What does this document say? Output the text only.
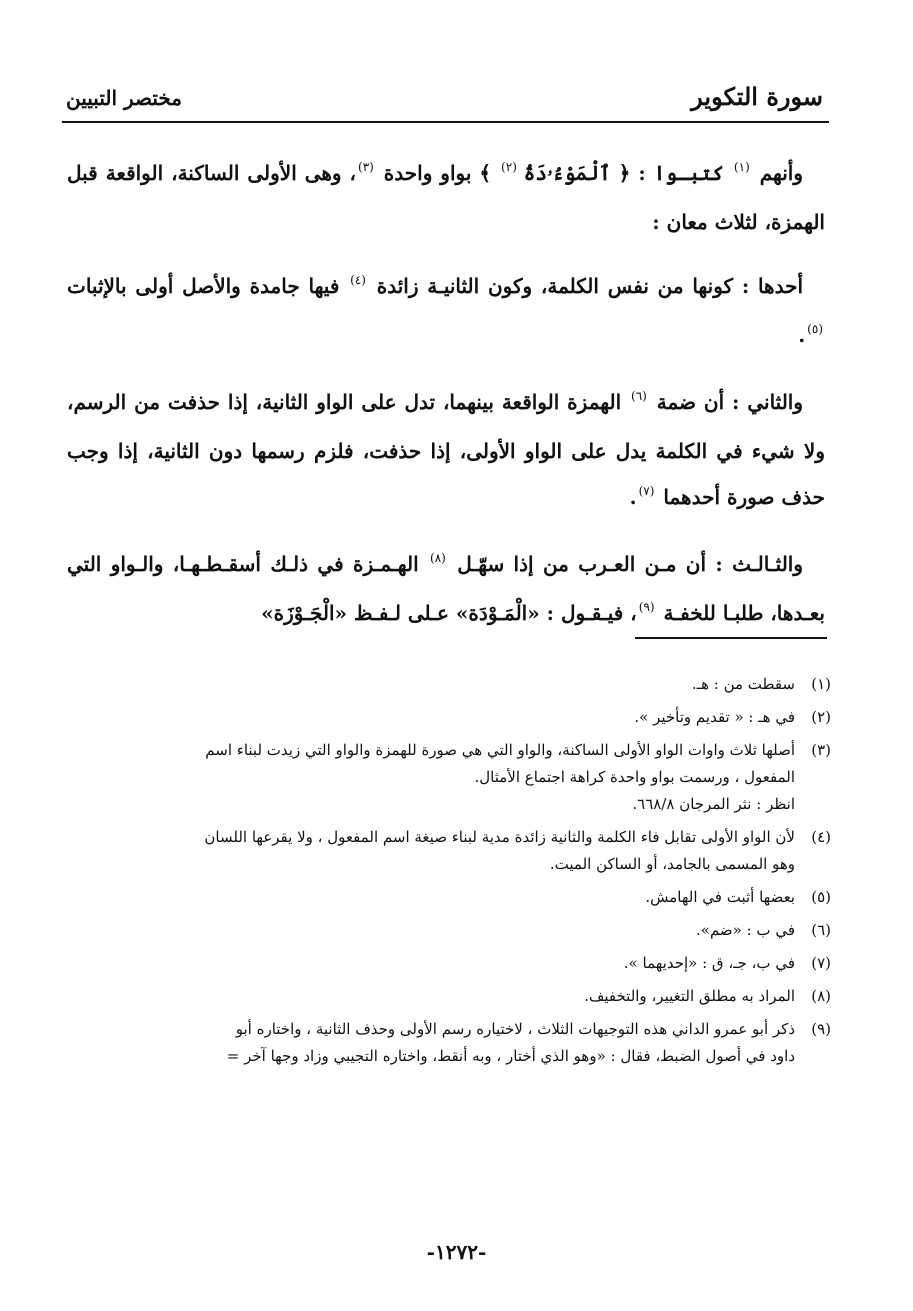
سورة التكوير
مختصر التبيين

وأنهم $^{(١)}$ كتبـوا : ﴿ ٱلْمَوْءُۥدَةُ $^{(٢)}$ ﴾ بواو واحدة $^{(٣)}$، وهى الأولى الساكنة، الواقعة قبل الهمزة، لثلاث معان :

أحدها : كونها من نفس الكلمة، وكون الثانيـة زائدة $^{(٤)}$ فيها جامدة والأصل أولى بالإثبات $^{(٥)}$.

والثاني : أن ضمة $^{(٦)}$ الهمزة الواقعة بينهما، تدل على الواو الثانية، إذا حذفت من الرسم، ولا شيء في الكلمة يدل على الواو الأولى، إذا حذفت، فلزم رسمها دون الثانية، إذا وجب حذف صورة أحدهما $^{(٧)}$.

والثـالـث : أن مـن العـرب من إذا سهّـل $^{(٨)}$ الهـمـزة في ذلـك أسقـطـهـا، والـواو التي بعـدها، طلبـا للخفـة $^{(٩)}$، فيـقـول : «الْمَـوْدَة» عـلى لـفـظ «الْجَـوْزَة»

(١)
سقطت من : هـ.
(٢)
في هـ : « تقديم وتأخير ».
(٣)
أصلها ثلاث واوات الواو الأولى الساكنة، والواو التي هي صورة للهمزة والواو التي زيدت لبناء اسم
المفعول ، ورسمت بواو واحدة كراهة اجتماع الأمثال.
انظر : نثر المرجان ٦٦٨/٨.
(٤)
لأن الواو الأولى تقابل فاء الكلمة والثانية زائدة مدية لبناء صيغة اسم المفعول ، ولا يقرعها اللسان
وهو المسمى بالجامد، أو الساكن الميت.
(٥)
بعضها أثبت في الهامش.
(٦)
في ب : «ضم».
(٧)
في ب، جـ، ق : «إحديهما ».
(٨)
المراد به مطلق التغيير، والتخفيف.
(٩)
ذكر أبو عمرو الداني هذه التوجيهات الثلاث ، لاختياره رسم الأولى وحذف الثانية ، واختاره أبو
داود في أصول الضبط، فقال : «وهو الذي أختار ، وبه أنقط، واختاره التجيبي وزاد وجها آخر =
-١٢٧٢-
